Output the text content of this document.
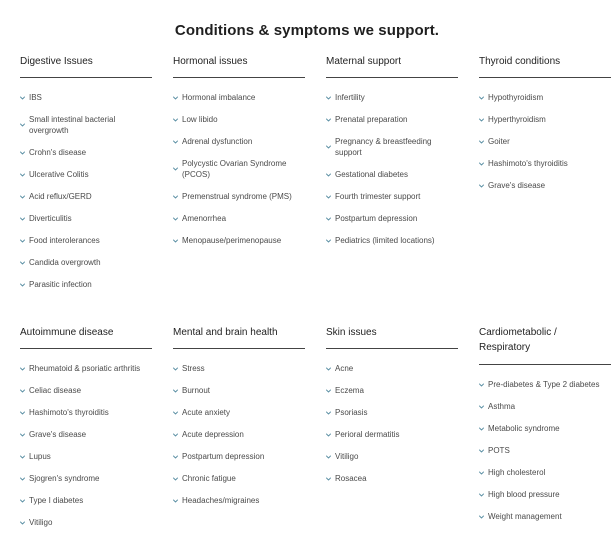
Conditions & symptoms we support.
Digestive Issues
IBS
Small intestinal bacterial overgrowth
Crohn's disease
Ulcerative Colitis
Acid reflux/GERD
Diverticulitis
Food interolerances
Candida overgrowth
Parasitic infection
Hormonal issues
Hormonal imbalance
Low libido
Adrenal dysfunction
Polycystic Ovarian Syndrome (PCOS)
Premenstrual syndrome (PMS)
Amenorrhea
Menopause/perimenopause
Maternal support
Infertility
Prenatal preparation
Pregnancy & breastfeeding support
Gestational diabetes
Fourth trimester support
Postpartum depression
Pediatrics (limited locations)
Thyroid conditions
Hypothyroidism
Hyperthyroidism
Goiter
Hashimoto's thyroiditis
Grave's disease
Autoimmune disease
Rheumatoid & psoriatic arthritis
Celiac disease
Hashimoto's thyroiditis
Grave's disease
Lupus
Sjogren's syndrome
Type I diabetes
Vitiligo
Mental and brain health
Stress
Burnout
Acute anxiety
Acute depression
Postpartum depression
Chronic fatigue
Headaches/migraines
Skin issues
Acne
Eczema
Psoriasis
Perioral dermatitis
Vitiligo
Rosacea
Cardiometabolic /
Respiratory
Pre-diabetes & Type 2 diabetes
Asthma
Metabolic syndrome
POTS
High cholesterol
High blood pressure
Weight management
